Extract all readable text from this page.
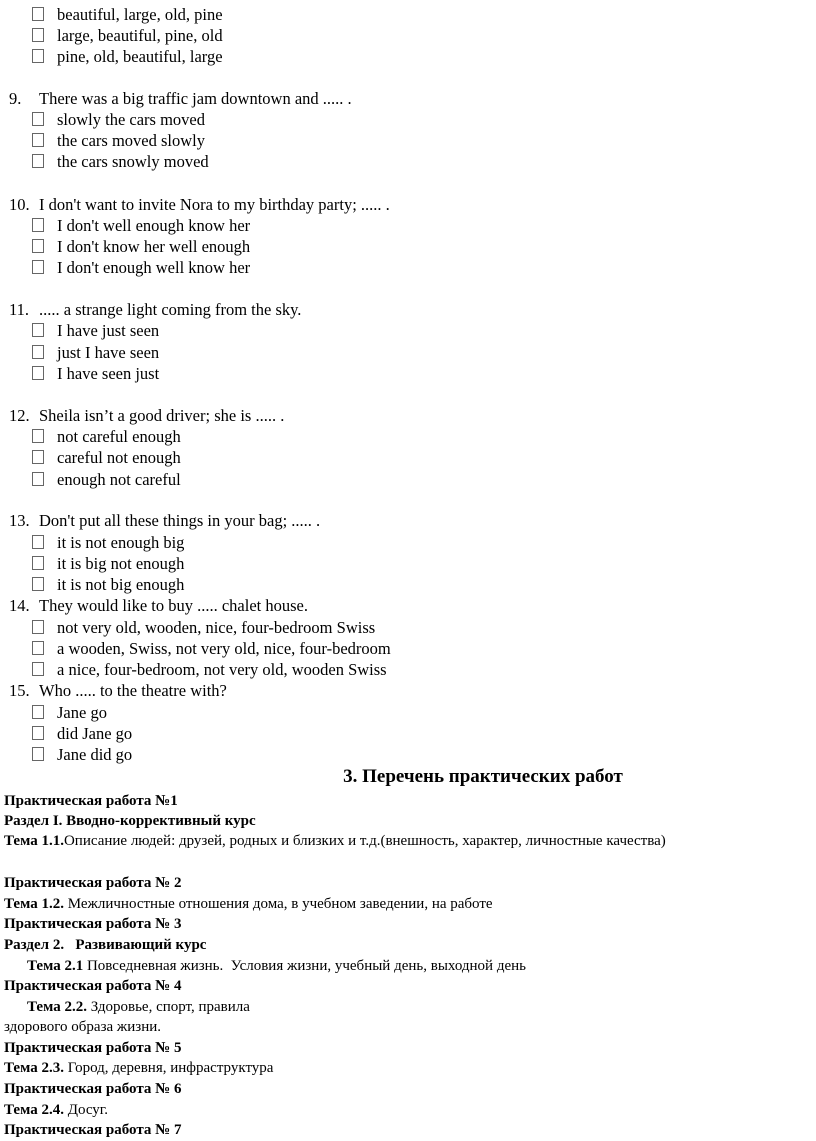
beautiful, large, old, pine
large, beautiful, pine, old
pine, old, beautiful, large
9. There was a big traffic jam downtown and ..... .
slowly the cars moved
the cars moved slowly
the cars snowly moved
10. I don't want to invite Nora to my birthday party; ..... .
I don't well enough know her
I don't know her well enough
I don't enough well know her
11. ..... a strange light coming from the sky.
I have just seen
just I have seen
I have seen just
12. Sheila isn’t a good driver; she is ..... .
not careful enough
careful not enough
enough not careful
13. Don't put all these things in your bag; ..... .
it is not enough big
it is big not enough
it is not big enough
14. They would like to buy ..... chalet house.
not very old, wooden, nice, four-bedroom Swiss
a wooden, Swiss, not very old, nice, four-bedroom
a nice, four-bedroom, not very old, wooden Swiss
15. Who ..... to the theatre with?
Jane go
did Jane go
Jane did go
3. Перечень практических работ
Практическая работа №1
Раздел I. Вводно-коррективный курс
Тема 1.1.Описание людей: друзей, родных и близких и т.д.(внешность, характер, личностные качества)
Практическая работа № 2
Тема 1.2. Межличностные отношения дома, в учебном заведении, на работе
Практическая работа № 3
Раздел 2.   Развивающий курс
Тема 2.1 Повседневная жизнь.  Условия жизни, учебный день, выходной день
Практическая работа № 4
Тема 2.2. Здоровье, спорт, правила
здорового образа жизни.
Практическая работа № 5
Тема 2.3. Город, деревня, инфраструктура
Практическая работа № 6
Тема 2.4. Досуг.
Практическая работа № 7
